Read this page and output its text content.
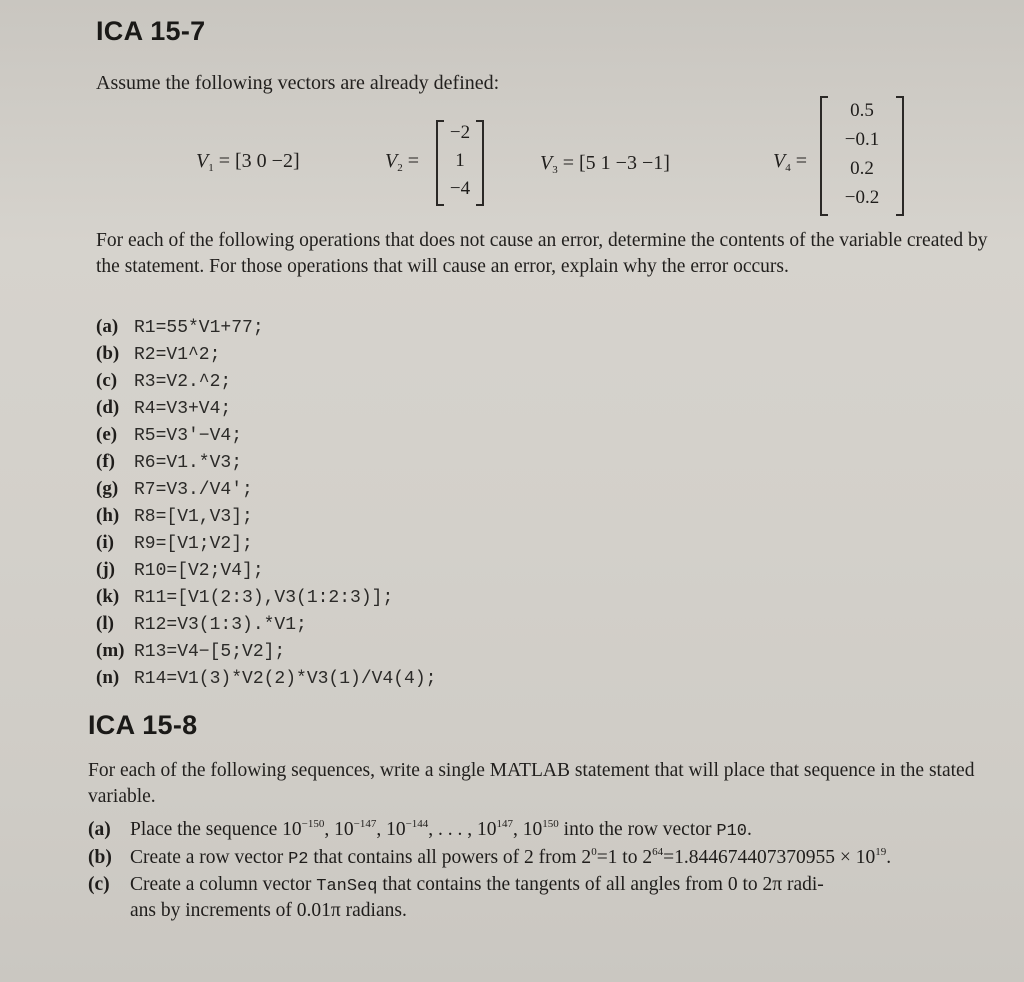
ICA 15-7
Assume the following vectors are already defined:
$V_1 = [3$ 0 −2]	$V_2$ =
−2
1
−4
$V_3 = [5$ 1 −3 −1]	$V_4$ =
0.5
−0.1
0.2
−0.2
For each of the following operations that does not cause an error, determine the contents of the variable created by the statement. For those operations that will cause an error, explain why the error occurs.
(a) R1=55*V1+77;
(b) R2=V1^2;
(c) R3=V2.^2;
(d) R4=V3+V4;
(e) R5=V3'−V4;
(f) R6=V1.*V3;
(g) R7=V3./V4';
(h) R8=[V1,V3];
(i) R9=[V1;V2];
(j) R10=[V2;V4];
(k) R11=[V1(2:3),V3(1:2:3)];
(l) R12=V3(1:3).*V1;
(m) R13=V4−[5;V2];
(n) R14=V1(3)*V2(2)*V3(1)/V4(4);
ICA 15-8
For each of the following sequences, write a single MATLAB statement that will place that sequence in the stated variable.
(a) Place the sequence $10^{-150}$, $10^{-147}$, $10^{-144}$, . . . , $10^{147}$, $10^{150}$ into the row vector P10.
(b) Create a row vector P2 that contains all powers of 2 from $2^0=1$ to $2^{64}=1.844674407370955 \times 10^{19}$.
(c) Create a column vector TanSeq that contains the tangents of all angles from 0 to 2π radi-
ans by increments of 0.01π radians.
